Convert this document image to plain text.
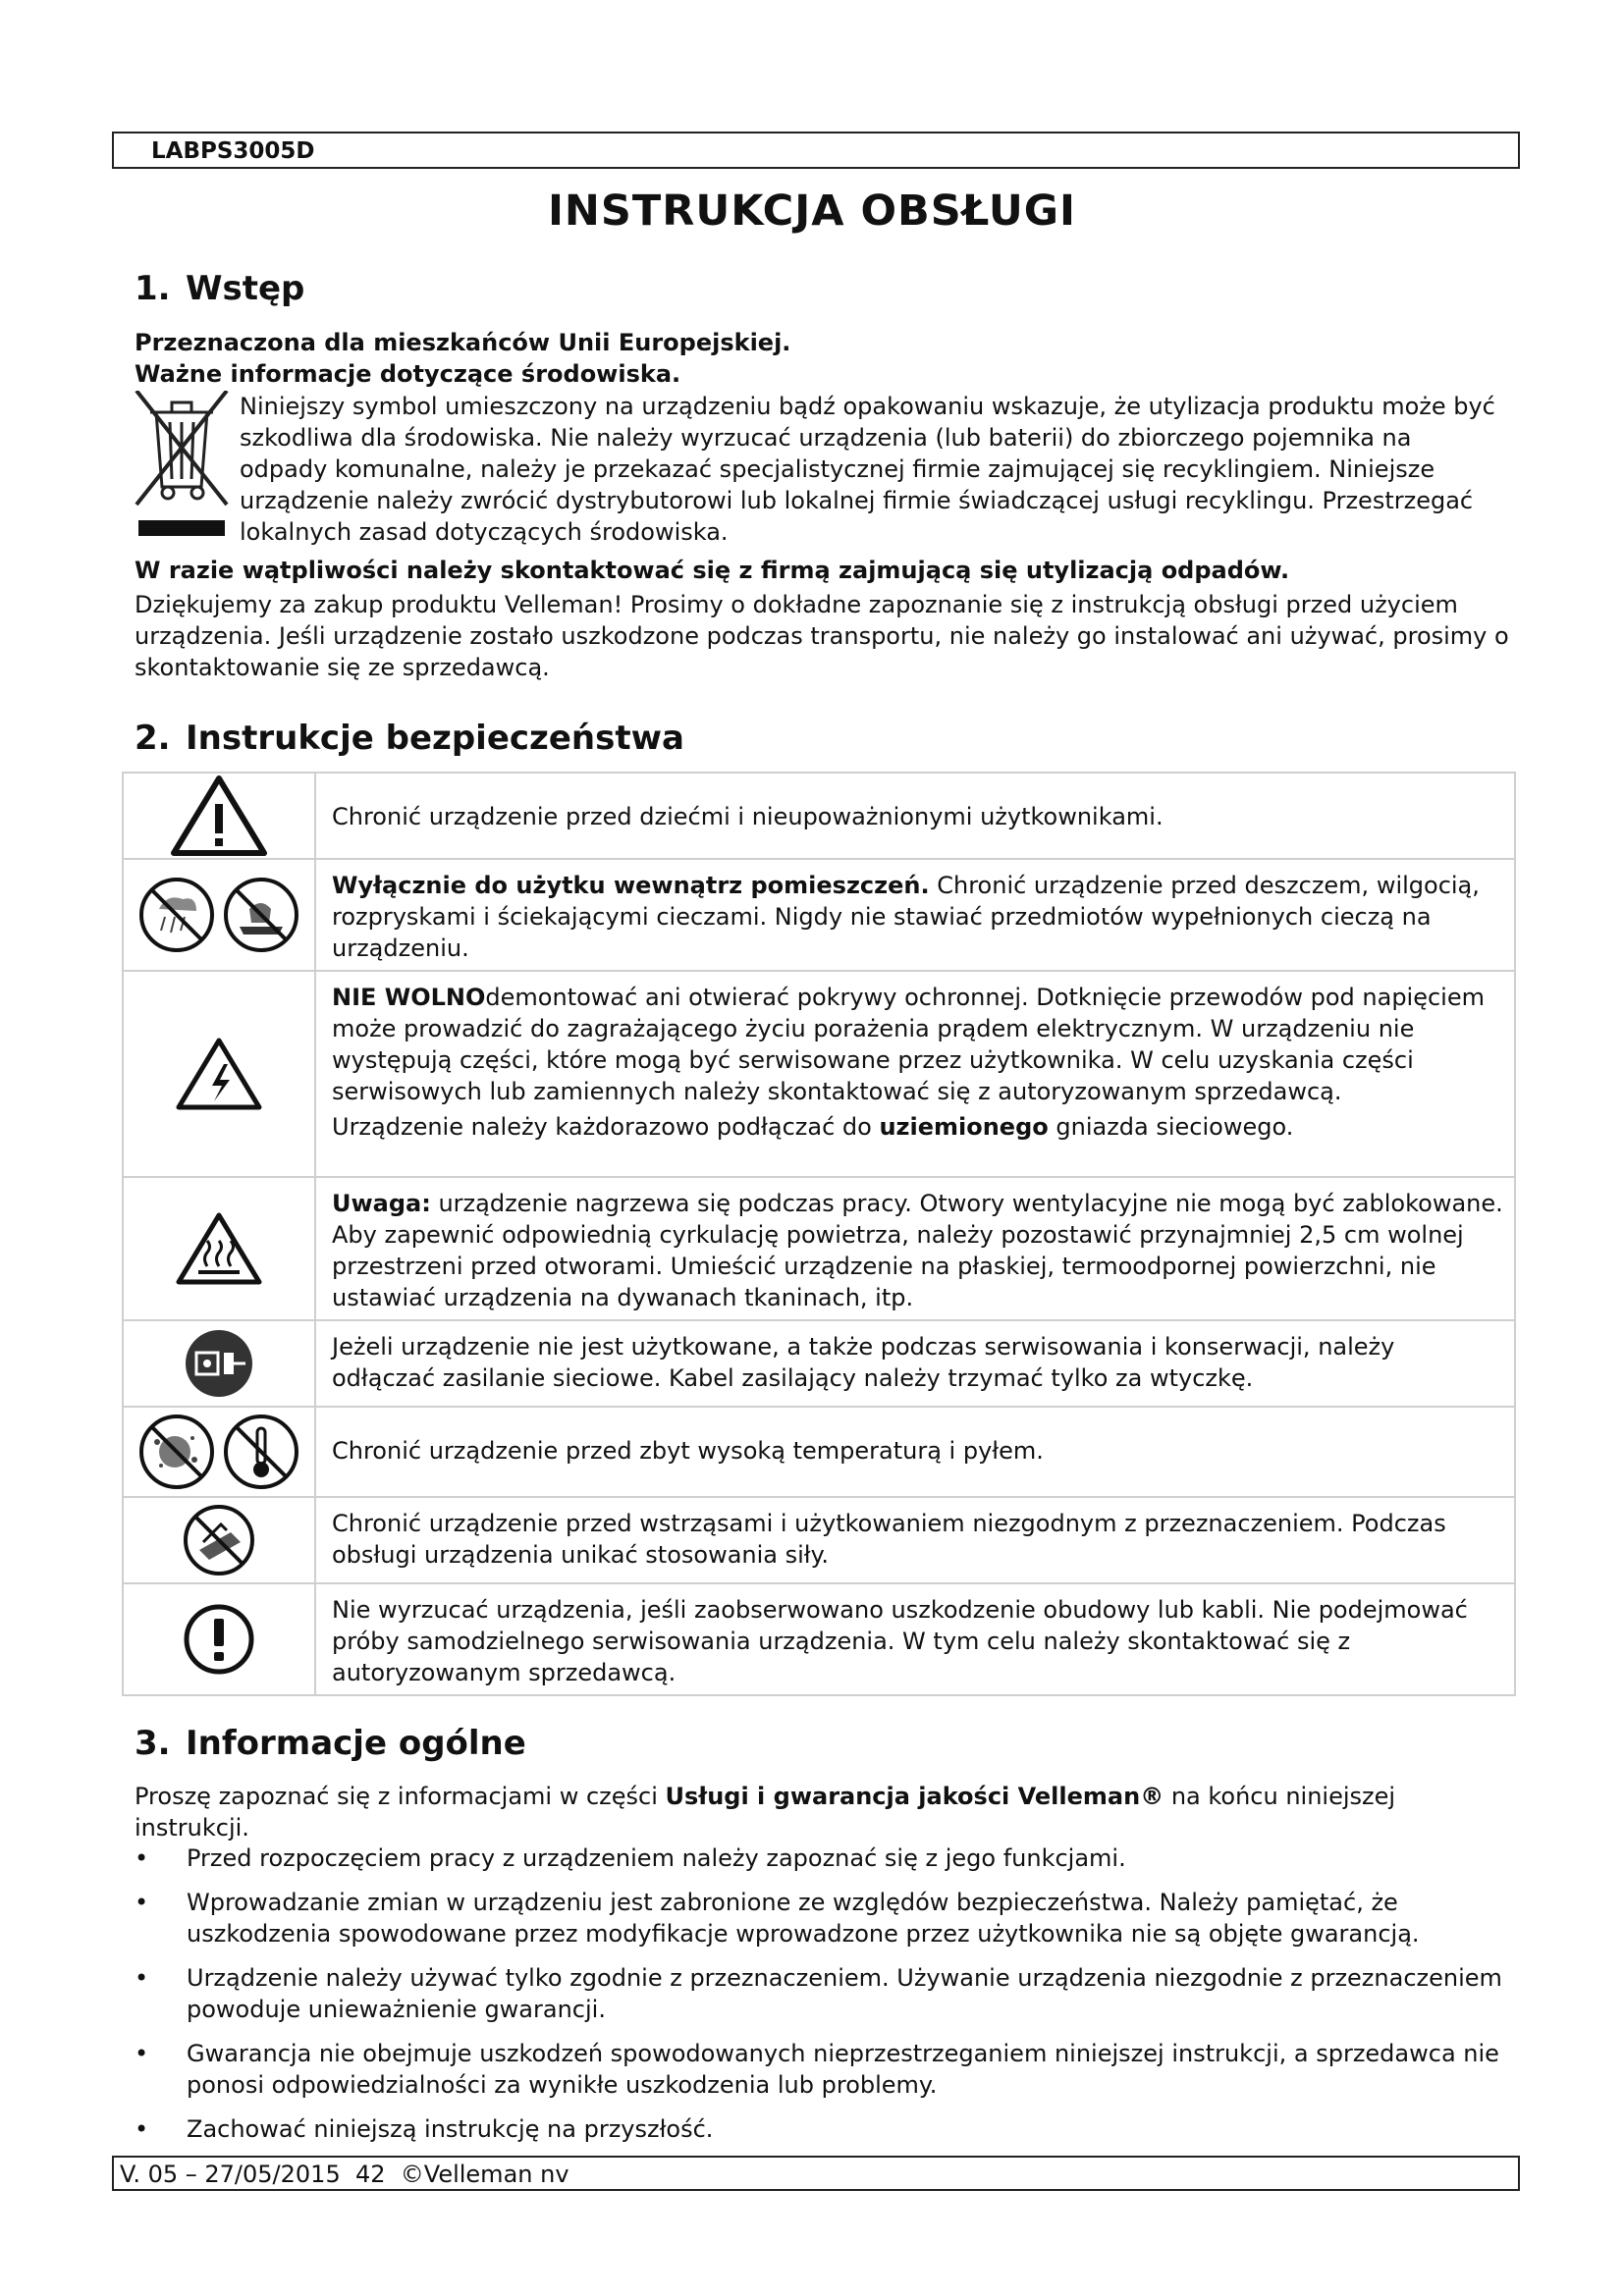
LABPS3005D
INSTRUKCJA OBSŁUGI
1. Wstęp
Przeznaczona dla mieszkańców Unii Europejskiej.
Ważne informacje dotyczące środowiska.
Niniejszy symbol umieszczony na urządzeniu bądź opakowaniu wskazuje, że utylizacja produktu może być szkodliwa dla środowiska. Nie należy wyrzucać urządzenia (lub baterii) do zbiorczego pojemnika na odpady komunalne, należy je przekazać specjalistycznej firmie zajmującej się recyklingiem. Niniejsze urządzenie należy zwrócić dystrybutorowi lub lokalnej firmie świadczącej usługi recyklingu. Przestrzegać lokalnych zasad dotyczących środowiska.
W razie wątpliwości należy skontaktować się z firmą zajmującą się utylizacją odpadów.
Dziękujemy za zakup produktu Velleman! Prosimy o dokładne zapoznanie się z instrukcją obsługi przed użyciem urządzenia. Jeśli urządzenie zostało uszkodzone podczas transportu, nie należy go instalować ani używać, prosimy o skontaktowanie się ze sprzedawcą.
2. Instrukcje bezpieczeństwa
	Chronić urządzenie przed dziećmi i nieupoważnionymi użytkownikami.

	Wyłącznie do użytku wewnątrz pomieszczeń. Chronić urządzenie przed deszczem, wilgocią, rozpryskami i ściekającymi cieczami. Nigdy nie stawiać przedmiotów wypełnionych cieczą na urządzeniu.

NIE WOLNOdemontować ani otwierać pokrywy ochronnej. Dotknięcie przewodów pod napięciem może prowadzić do zagrażającego życiu porażenia prądem elektrycznym. W urządzeniu nie występują części, które mogą być serwisowane przez użytkownika. W celu uzyskania części serwisowych lub zamiennych należy skontaktować się z autoryzowanym sprzedawcą.
Urządzenie należy każdorazowo podłączać do uziemionego gniazda sieciowego.

	Uwaga: urządzenie nagrzewa się podczas pracy. Otwory wentylacyjne nie mogą być zablokowane. Aby zapewnić odpowiednią cyrkulację powietrza, należy pozostawić przynajmniej 2,5 cm wolnej przestrzeni przed otworami. Umieścić urządzenie na płaskiej, termoodpornej powierzchni, nie ustawiać urządzenia na dywanach tkaninach, itp.

	Jeżeli urządzenie nie jest użytkowane, a także podczas serwisowania i konserwacji, należy odłączać zasilanie sieciowe. Kabel zasilający należy trzymać tylko za wtyczkę.

	Chronić urządzenie przed zbyt wysoką temperaturą i pyłem.

	Chronić urządzenie przed wstrząsami i użytkowaniem niezgodnym z przeznaczeniem. Podczas obsługi urządzenia unikać stosowania siły.

	Nie wyrzucać urządzenia, jeśli zaobserwowano uszkodzenie obudowy lub kabli. Nie podejmować próby samodzielnego serwisowania urządzenia. W tym celu należy skontaktować się z autoryzowanym sprzedawcą.
3. Informacje ogólne
Proszę zapoznać się z informacjami w części Usługi i gwarancja jakości Velleman® na końcu niniejszej instrukcji.
• Przed rozpoczęciem pracy z urządzeniem należy zapoznać się z jego funkcjami.
• Wprowadzanie zmian w urządzeniu jest zabronione ze względów bezpieczeństwa. Należy pamiętać, że uszkodzenia spowodowane przez modyfikacje wprowadzone przez użytkownika nie są objęte gwarancją.
• Urządzenie należy używać tylko zgodnie z przeznaczeniem. Używanie urządzenia niezgodnie z przeznaczeniem powoduje unieważnienie gwarancji.
• Gwarancja nie obejmuje uszkodzeń spowodowanych nieprzestrzeganiem niniejszej instrukcji, a sprzedawca nie ponosi odpowiedzialności za wynikłe uszkodzenia lub problemy.
• Zachować niniejszą instrukcję na przyszłość.
V. 05 – 27/05/2015  42  ©Velleman nv
